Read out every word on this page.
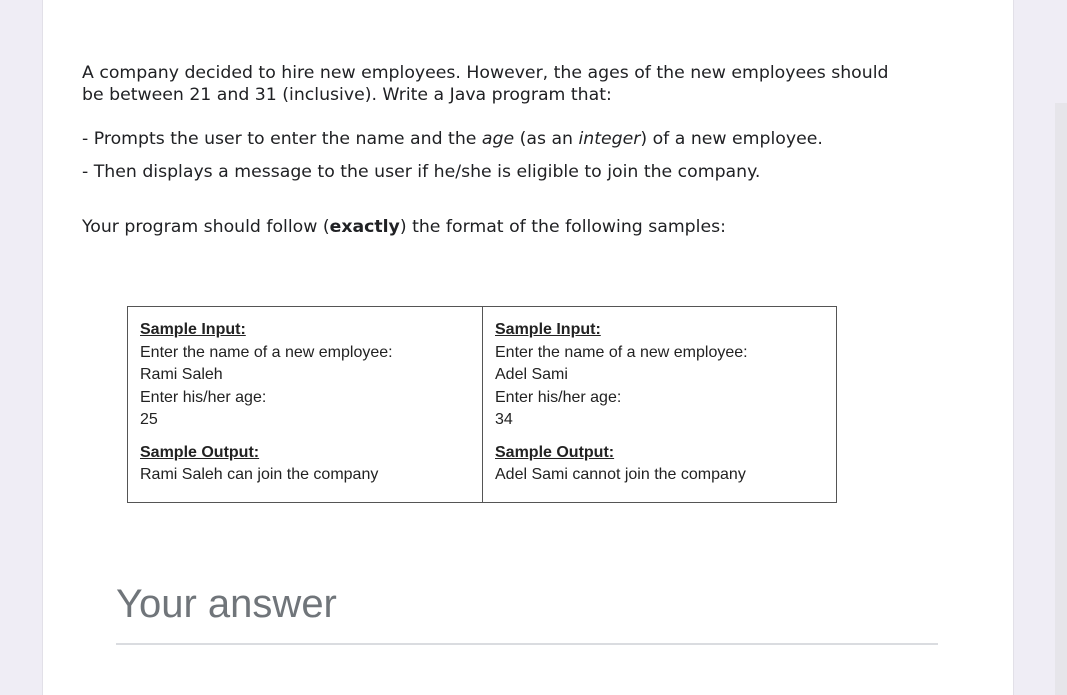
A company decided to hire new employees. However, the ages of the new employees should be between 21 and 31 (inclusive). Write a Java program that:

- Prompts the user to enter the name and the age (as an integer) of a new employee.

- Then displays a message to the user if he/she is eligible to join the company.

Your program should follow (exactly) the format of the following samples:

Sample Input:
Enter the name of a new employee:
Rami Saleh
Enter his/her age:
25
Sample Output:
Rami Saleh can join the company
Sample Input:
Enter the name of a new employee:
Adel Sami
Enter his/her age:
34
Sample Output:
Adel Sami cannot join the company
Your answer
